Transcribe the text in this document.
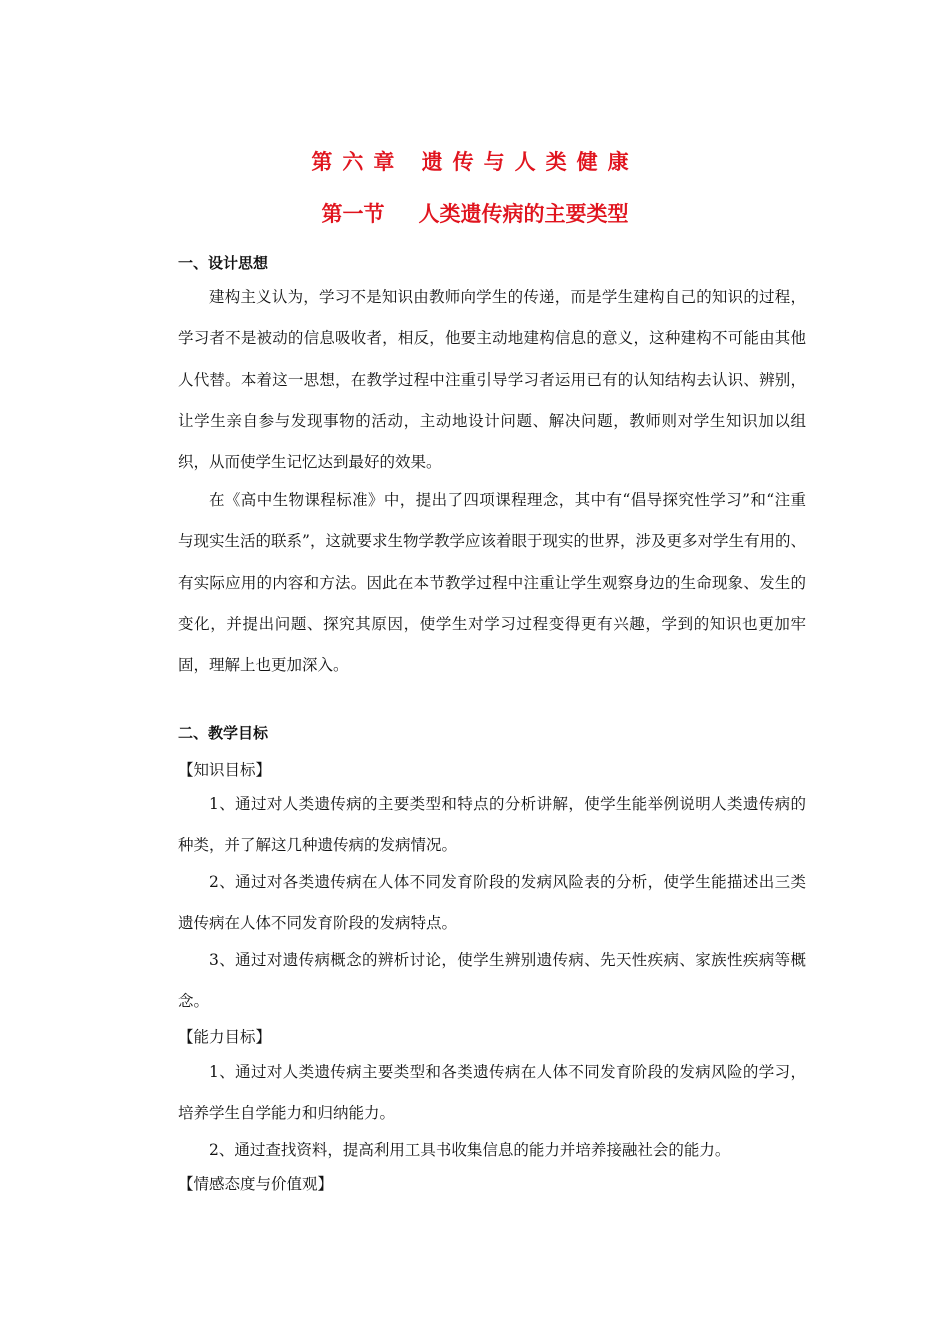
第六章 遗传与人类健康
第一节 人类遗传病的主要类型
一、设计思想

建构主义认为，学习不是知识由教师向学生的传递，而是学生建构自己的知识的过程，学习者不是被动的信息吸收者，相反，他要主动地建构信息的意义，这种建构不可能由其他人代替。本着这一思想，在教学过程中注重引导学习者运用已有的认知结构去认识、辨别，让学生亲自参与发现事物的活动，主动地设计问题、解决问题，教师则对学生知识加以组织，从而使学生记忆达到最好的效果。

在《高中生物课程标准》中，提出了四项课程理念，其中有“倡导探究性学习”和“注重与现实生活的联系”，这就要求生物学教学应该着眼于现实的世界，涉及更多对学生有用的、有实际应用的内容和方法。因此在本节教学过程中注重让学生观察身边的生命现象、发生的变化，并提出问题、探究其原因，使学生对学习过程变得更有兴趣，学到的知识也更加牢固，理解上也更加深入。

二、教学目标
【知识目标】

1、通过对人类遗传病的主要类型和特点的分析讲解，使学生能举例说明人类遗传病的种类，并了解这几种遗传病的发病情况。

2、通过对各类遗传病在人体不同发育阶段的发病风险表的分析，使学生能描述出三类遗传病在人体不同发育阶段的发病特点。

3、通过对遗传病概念的辨析讨论，使学生辨别遗传病、先天性疾病、家族性疾病等概念。

【能力目标】

1、通过对人类遗传病主要类型和各类遗传病在人体不同发育阶段的发病风险的学习，培养学生自学能力和归纳能力。

2、通过查找资料，提高利用工具书收集信息的能力并培养接融社会的能力。

【情感态度与价值观】
